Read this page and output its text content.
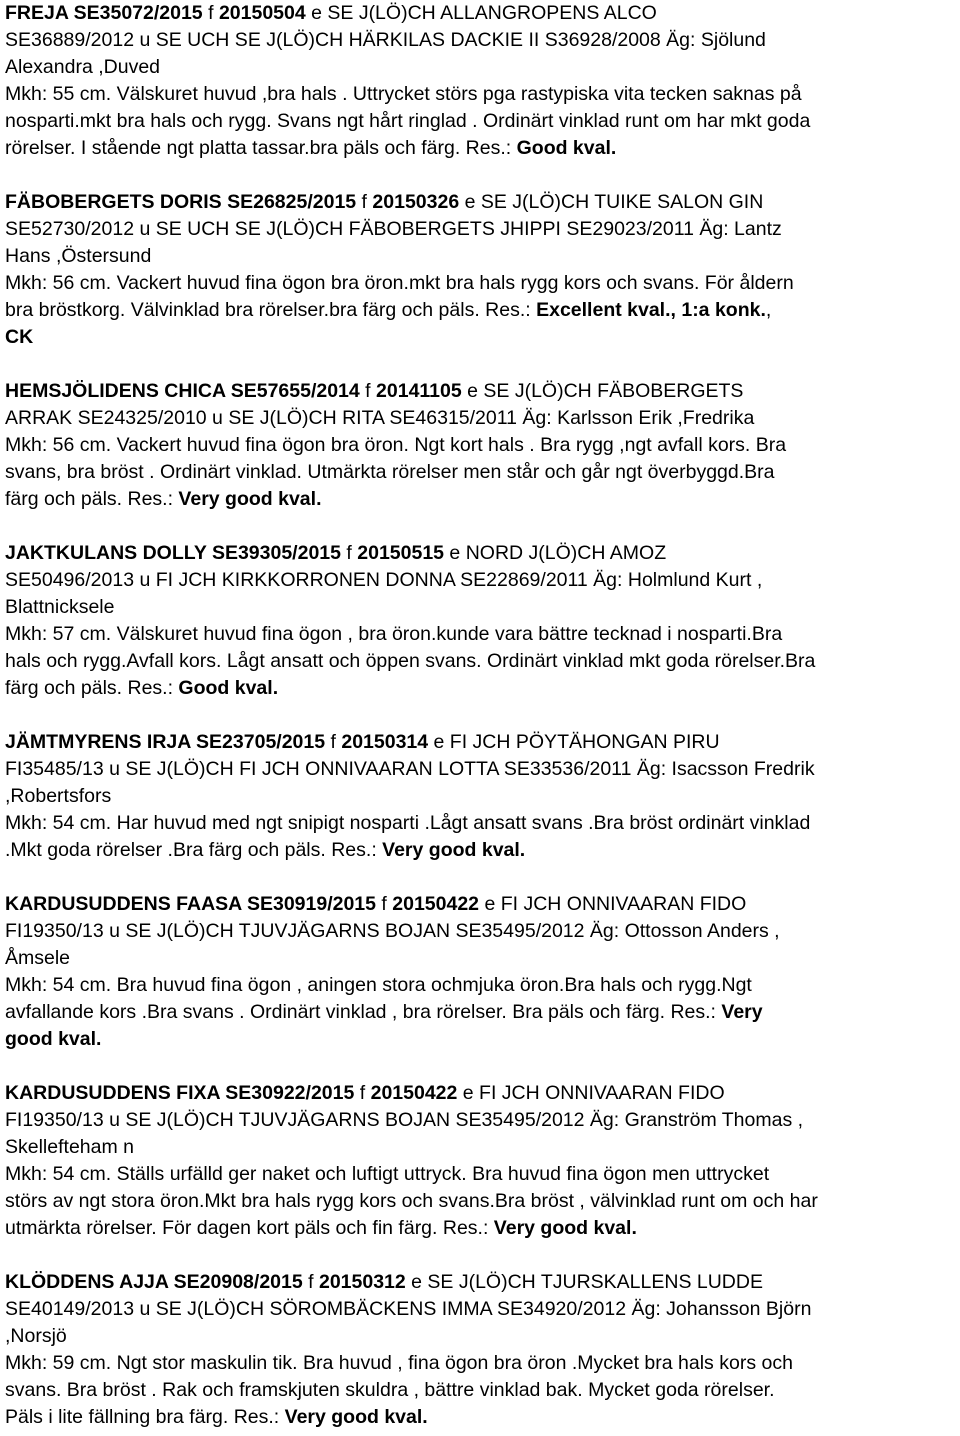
FREJA SE35072/2015 f 20150504 e SE J(LÖ)CH ALLANGROPENS ALCO
SE36889/2012 u SE UCH SE J(LÖ)CH HÄRKILAS DACKIE II S36928/2008 Äg: Sjölund
Alexandra ,Duved
Mkh: 55 cm. Välskuret huvud ,bra hals . Uttrycket störs pga rastypiska vita tecken saknas på
nosparti.mkt bra hals och rygg. Svans ngt hårt ringlad . Ordinärt vinklad runt om har mkt goda
rörelser. I stående ngt platta tassar.bra päls och färg. Res.: Good kval.
FÄBOBERGETS DORIS SE26825/2015 f 20150326 e SE J(LÖ)CH TUIKE SALON GIN
SE52730/2012 u SE UCH SE J(LÖ)CH FÄBOBERGETS JHIPPI SE29023/2011 Äg: Lantz
Hans ,Östersund
Mkh: 56 cm. Vackert huvud fina ögon bra öron.mkt bra hals rygg kors och svans. För åldern
bra bröstkorg. Välvinklad bra rörelser.bra färg och päls. Res.: Excellent kval., 1:a konk.,
CK
HEMSJÖLIDENS CHICA SE57655/2014 f 20141105 e SE J(LÖ)CH FÄBOBERGETS
ARRAK SE24325/2010 u SE J(LÖ)CH RITA SE46315/2011 Äg: Karlsson Erik ,Fredrika
Mkh: 56 cm. Vackert huvud fina ögon bra öron. Ngt kort hals . Bra rygg ,ngt avfall kors. Bra
svans, bra bröst . Ordinärt vinklad. Utmärkta rörelser men står och går ngt överbyggd.Bra
färg och päls. Res.: Very good kval.
JAKTKULANS DOLLY SE39305/2015 f 20150515 e NORD J(LÖ)CH AMOZ
SE50496/2013 u FI JCH KIRKKORRONEN DONNA SE22869/2011 Äg: Holmlund Kurt ,
Blattnicksele
Mkh: 57 cm. Välskuret huvud fina ögon , bra öron.kunde vara bättre tecknad i nosparti.Bra
hals och rygg.Avfall kors. Lågt ansatt och öppen svans. Ordinärt vinklad mkt goda rörelser.Bra
färg och päls. Res.: Good kval.
JÄMTMYRENS IRJA SE23705/2015 f 20150314 e FI JCH PÖYTÄHONGAN PIRU
FI35485/13 u SE J(LÖ)CH FI JCH ONNIVAARAN LOTTA SE33536/2011 Äg: Isacsson Fredrik
,Robertsfors
Mkh: 54 cm. Har huvud med ngt snipigt nosparti .Lågt ansatt svans .Bra bröst ordinärt vinklad
.Mkt goda rörelser .Bra färg och päls. Res.: Very good kval.
KARDUSUDDENS FAASA SE30919/2015 f 20150422 e FI JCH ONNIVAARAN FIDO
FI19350/13 u SE J(LÖ)CH TJUVJÄGARNS BOJAN SE35495/2012 Äg: Ottosson Anders ,
Åmsele
Mkh: 54 cm. Bra huvud fina ögon , aningen stora ochmjuka öron.Bra hals och rygg.Ngt
avfallande kors .Bra svans . Ordinärt vinklad , bra rörelser. Bra päls och färg. Res.: Very
good kval.
KARDUSUDDENS FIXA SE30922/2015 f 20150422 e FI JCH ONNIVAARAN FIDO
FI19350/13 u SE J(LÖ)CH TJUVJÄGARNS BOJAN SE35495/2012 Äg: Granström Thomas ,
Skellefteham n
Mkh: 54 cm. Ställs urfälld ger naket och luftigt uttryck. Bra huvud fina ögon men uttrycket
störs av ngt stora öron.Mkt bra hals rygg kors och svans.Bra bröst , välvinklad runt om och har
utmärkta rörelser. För dagen kort päls och fin färg. Res.: Very good kval.
KLÖDDENS AJJA SE20908/2015 f 20150312 e SE J(LÖ)CH TJURSKALLENS LUDDE
SE40149/2013 u SE J(LÖ)CH SÖROMBÄCKENS IMMA SE34920/2012 Äg: Johansson Björn
,Norsjö
Mkh: 59 cm. Ngt stor maskulin tik. Bra huvud , fina ögon bra öron .Mycket bra hals kors och
svans. Bra bröst . Rak och framskjuten skuldra , bättre vinklad bak. Mycket goda rörelser.
Päls i lite fällning bra färg. Res.: Very good kval.
